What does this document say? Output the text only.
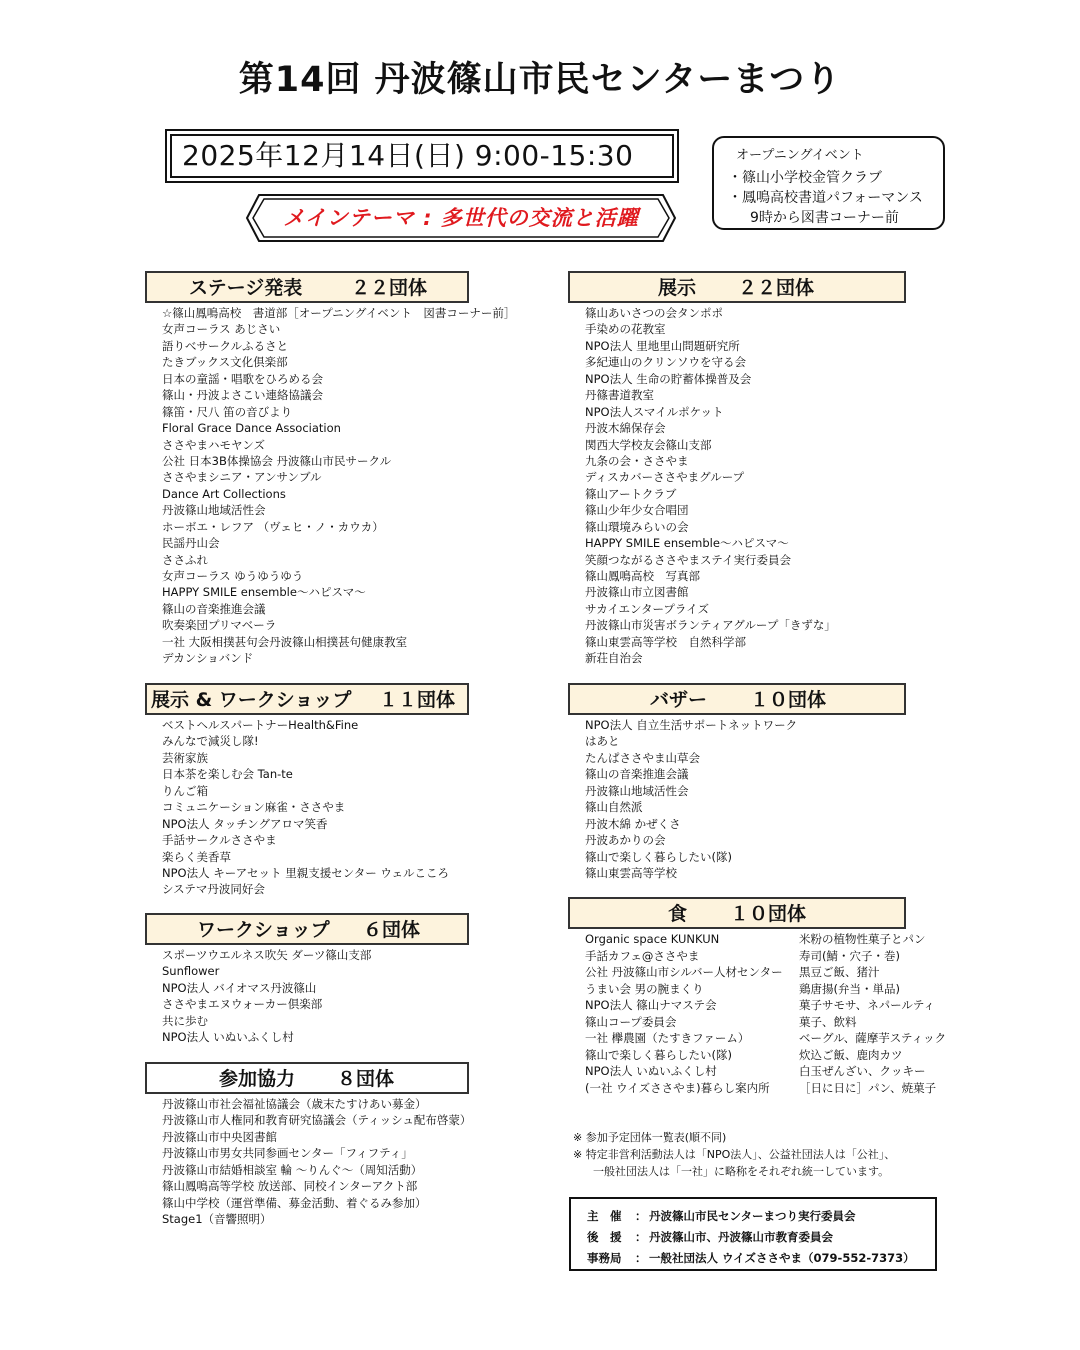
第14回 丹波篠山市民センターまつり
2025年12月14日(日) 9:00-15:30
メインテーマ : 多世代の交流と活躍
オープニングイベント
・篠山小学校金管クラブ
・鳳鳴高校書道パフォーマンス
9時から図書コーナー前
ステージ発表	２２団体
☆篠山鳳鳴高校　書道部［オープニングイベント　図書コーナー前］
女声コーラス あじさい
語りべサークルふるさと
たきブックス文化倶楽部
日本の童謡・唱歌をひろめる会
篠山・丹波よさこい連絡協議会
篠笛・尺八 笛の音びより
Floral Grace Dance Association
ささやまハモヤンズ
公社 日本3B体操協会 丹波篠山市民サークル
ささやまシニア・アンサンブル
Dance Art Collections
丹波篠山地域活性会
ホーボエ・レフア （ヴェヒ・ノ・カウカ）
民謡丹山会
ささふれ
女声コーラス ゆうゆうゆう
HAPPY SMILE ensemble～ハピスマ～
篠山の音楽推進会議
吹奏楽団プリマベーラ
一社 大阪相撲甚句会丹波篠山相撲甚句健康教室
デカンショバンド
展示 ２２団体
篠山あいさつの会タンポポ
手染めの花教室
NPO法人 里地里山問題研究所
多紀連山のクリンソウを守る会
NPO法人 生命の貯蓄体操普及会
丹篠書道教室
NPO法人スマイルポケット
丹波木綿保存会
関西大学校友会篠山支部
九条の会・ささやま
ディスカバーささやまグループ
篠山アートクラブ
篠山少年少女合唱団
篠山環境みらいの会
HAPPY SMILE ensemble～ハピスマ～
笑顔つながるささやまステイ実行委員会
篠山鳳鳴高校　写真部
丹波篠山市立図書館
サカイエンタープライズ
丹波篠山市災害ボランティアグループ「きずな」
篠山東雲高等学校　自然科学部
新荘自治会
展示 & ワークショップ １１団体
ベストヘルスパートナーHealth&Fine
みんなで減災し隊!
芸術家族
日本茶を楽しむ会 Tan-te
りんご箱
コミュニケーション麻雀・ささやま
NPO法人 タッチングアロマ笑香
手話サークルささやま
楽らく美香草
NPO法人 キーアセット 里親支援センター ウェルこころ
システマ丹波同好会
バザー １０団体
NPO法人 自立生活サポートネットワーク
はあと
たんぱささやま山草会
篠山の音楽推進会議
丹波篠山地域活性会
篠山自然派
丹波木綿 かぜくさ
丹波あかりの会
篠山で楽しく暮らしたい(隊)
篠山東雲高等学校
ワークショップ ６団体
スポーツウエルネス吹矢 ダーツ篠山支部
Sunflower
NPO法人 バイオマス丹波篠山
ささやまエヌウォーカー倶楽部
共に歩む
NPO法人 いぬいふくし村
食 １０団体
Organic space KUNKUN	米粉の植物性菓子とパン
手話カフェ@ささやま	寿司(鯖・穴子・巻)
公社 丹波篠山市シルバー人材センター 黒豆ご飯、猪汁
うまい会 男の腕まくり	鶏唐揚(弁当・単品)
NPO法人 篠山ナマステ会	菓子サモサ、ネパールティ
篠山コープ委員会	菓子、飲料
一社 欅農園（たすきファーム）	ベーグル、薩摩芋スティック
篠山で楽しく暮らしたい(隊)	炊込ご飯、鹿肉カツ
NPO法人 いぬいふくし村	白玉ぜんざい、クッキー
(一社 ウイズささやま)暮らし案内所	［日に日に］パン、焼菓子
参加協力 ８団体
丹波篠山市社会福祉協議会（歳末たすけあい募金）
丹波篠山市人権同和教育研究協議会（ティッシュ配布啓蒙）
丹波篠山市中央図書館
丹波篠山市男女共同参画センター「フィフティ」
丹波篠山市結婚相談室 輪 ～りんぐ～（周知活動）
篠山鳳鳴高等学校 放送部、同校インターアクト部
篠山中学校（運営準備、募金活動、着ぐるみ参加）
Stage1（音響照明）
※ 参加予定団体一覧表(順不同)
※ 特定非営利活動法人は「NPO法人」、公益社団法人は「公社」、
一般社団法人は「一社」に略称をそれぞれ統一しています。
主　催	： 丹波篠山市民センターまつり実行委員会
後　援	： 丹波篠山市、丹波篠山市教育委員会
事務局	： 一般社団法人 ウイズささやま（079-552-7373）
